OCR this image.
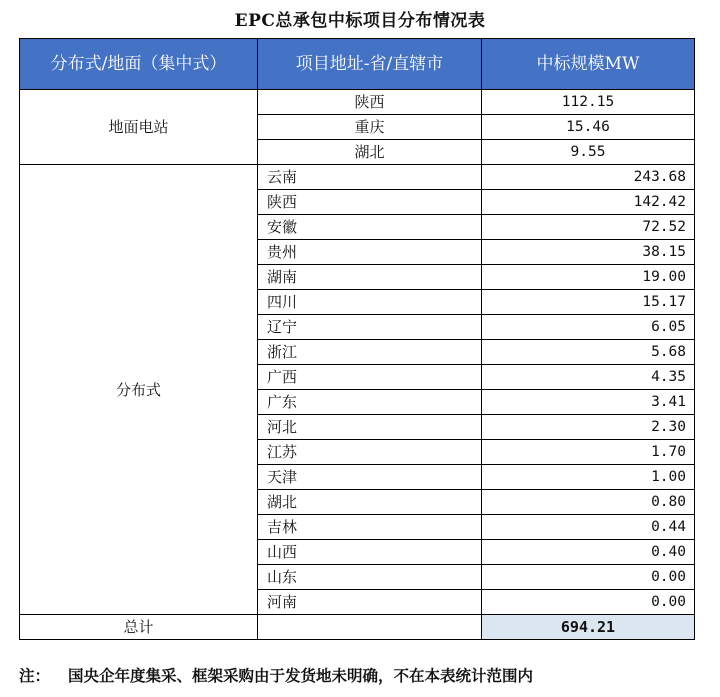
EPC总承包中标项目分布情况表
分布式/地面（集中式）	项目地址-省/直辖市	中标规模MW
地面电站	陕西	112.15
	重庆	15.46
	湖北	9.55
分布式	云南	243.68
	陕西	142.42
	安徽	72.52
	贵州	38.15
	湖南	19.00
	四川	15.17
	辽宁	6.05
	浙江	5.68
	广西	4.35
	广东	3.41
	河北	2.30
	江苏	1.70
	天津	1.00
	湖北	0.80
	吉林	0.44
	山西	0.40
	山东	0.00
	河南	0.00
总计		694.21
注： 国央企年度集采、框架采购由于发货地未明确，不在本表统计范围内
